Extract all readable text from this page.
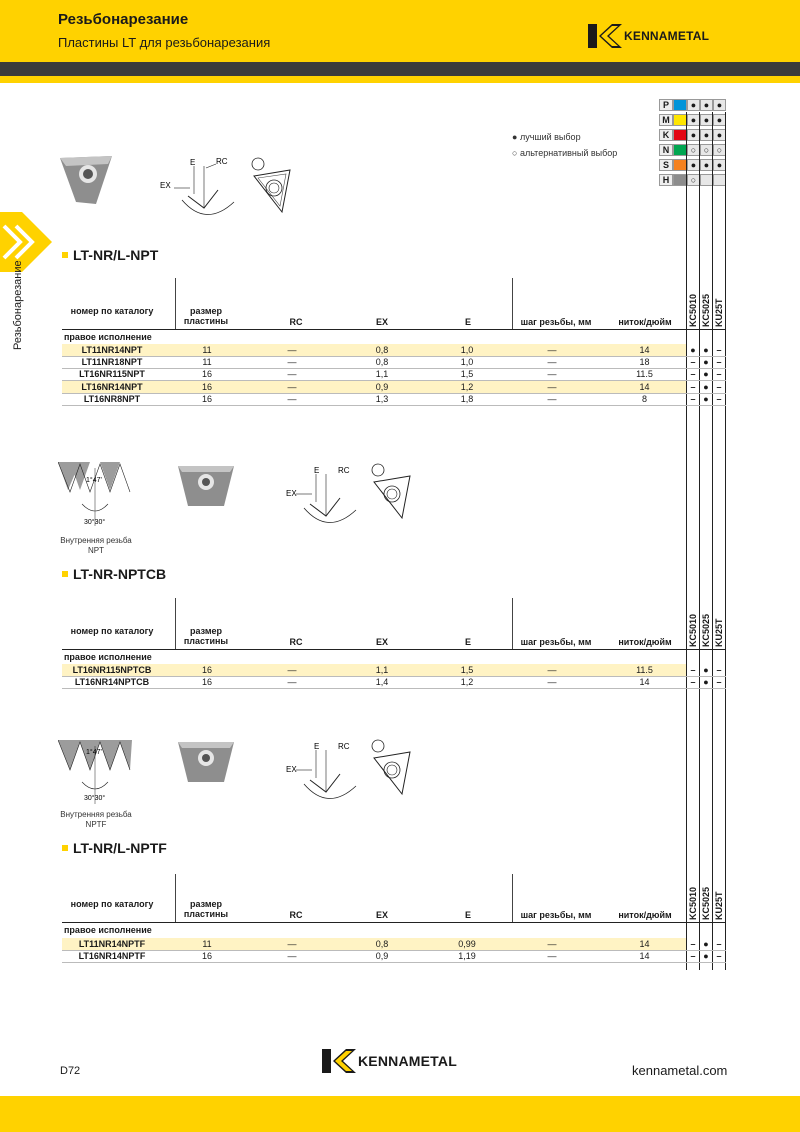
Резьбонарезание
Пластины LT для резьбонарезания	KENNAMETAL
Резьбонарезание
● лучший выбор
○ альтернативный выбор
P	● ● ●
M	● ● ●
K	● ● ●
N	○ ○ ○
S	● ● ●
H	○
E	RC
EX
1°47'
30°30°
Внутренняя резьба NPT
E RC
EX
1°47'
30°30°
Внутренняя резьба NPTF
E RC
EX
LT-NR/L-NPT
номер по каталогу	размер пластины	RC	EX	E	шаг резьбы, мм	ниток/дюйм	KC5010 KC5025 KU25T
правое исполнение
LT11NR14NPT	11	—	0,8	1,0	—	14	● ● –
LT11NR18NPT	11	—	0,8	1,0	—	18	– ● –
LT16NR115NPT	16	—	1,1	1,5	—	11.5	– ● –
LT16NR14NPT	16	—	0,9	1,2	—	14	– ● –
LT16NR8NPT	16	—	1,3	1,8	—	8	– ● –
LT-NR-NPTCB
номер по каталогу	размер пластины	RC	EX	E	шаг резьбы, мм	ниток/дюйм	KC5010 KC5025 KU25T
правое исполнение
LT16NR115NPTCB	16	—	1,1	1,5	—	11.5	– ● –
LT16NR14NPTCB	16	—	1,4	1,2	—	14	– ● –
LT-NR/L-NPTF
номер по каталогу	размер пластины	RC	EX	E	шаг резьбы, мм	ниток/дюйм	KC5010 KC5025 KU25T
правое исполнение
LT11NR14NPTF	11	—	0,8	0,99	—	14	– ● –
LT16NR14NPTF	16	—	0,9	1,19	—	14	– ● –
D72
KENNAMETAL
kennametal.com
